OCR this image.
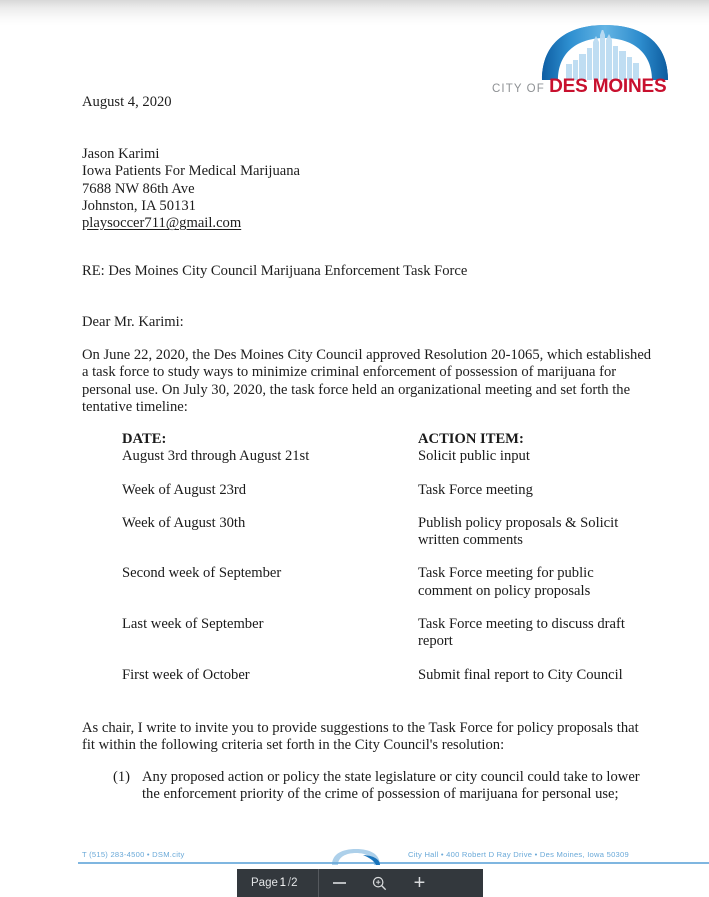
CITY OF DES MOINES
August 4, 2020
Jason Karimi
Iowa Patients For Medical Marijuana
7688 NW 86th Ave
Johnston, IA 50131
playsoccer711@gmail.com
RE: Des Moines City Council Marijuana Enforcement Task Force
Dear Mr. Karimi:
On June 22, 2020, the Des Moines City Council approved Resolution 20-1065, which established a task force to study ways to minimize criminal enforcement of possession of marijuana for personal use. On July 30, 2020, the task force held an organizational meeting and set forth the tentative timeline:
DATE:	ACTION ITEM:
August 3rd through August 21st	Solicit public input
Week of August 23rd	Task Force meeting
Week of August 30th	Publish policy proposals & Solicit written comments
Second week of September	Task Force meeting for public comment on policy proposals
Last week of September	Task Force meeting to discuss draft report
First week of October	Submit final report to City Council
As chair, I write to invite you to provide suggestions to the Task Force for policy proposals that fit within the following criteria set forth in the City Council's resolution:
(1) Any proposed action or policy the state legislature or city council could take to lower the enforcement priority of the crime of possession of marijuana for personal use;
T (515) 283-4500 • DSM.city	City Hall • 400 Robert D Ray Drive • Des Moines, Iowa 50309
Page 1 / 2	+
